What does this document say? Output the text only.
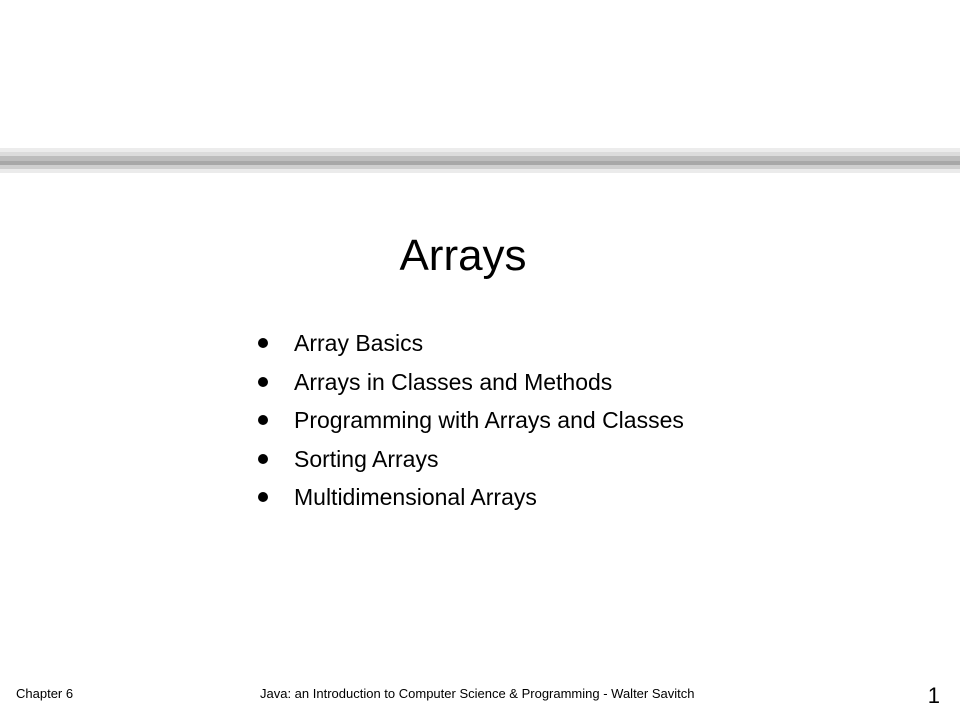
Arrays
Array Basics
Arrays in Classes and Methods
Programming with Arrays and Classes
Sorting Arrays
Multidimensional Arrays
Chapter 6	Java: an Introduction to Computer Science & Programming - Walter Savitch	1
